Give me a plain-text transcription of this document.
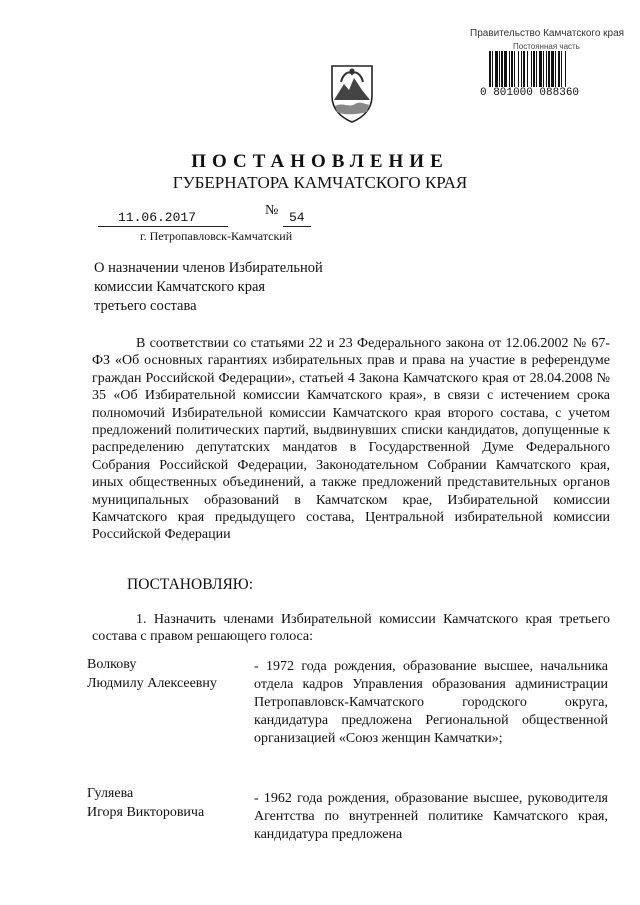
Правительство Камчатского края
Постоянная часть
0 801000 088360
ПОСТАНОВЛЕНИЕ
ГУБЕРНАТОРА КАМЧАТСКОГО КРАЯ
11.06.2017	№ 54
г. Петропавловск-Камчатский
О назначении членов Избирательной
комиссии Камчатского края
третьего состава
В соответствии со статьями 22 и 23 Федерального закона от 12.06.2002 № 67-ФЗ «Об основных гарантиях избирательных прав и права на участие в референдуме граждан Российской Федерации», статьей 4 Закона Камчатского края от 28.04.2008 № 35 «Об Избирательной комиссии Камчатского края», в связи с истечением срока полномочий Избирательной комиссии Камчатского края второго состава, с учетом предложений политических партий, выдвинувших списки кандидатов, допущенные к распределению депутатских мандатов в Государственной Думе Федерального Собрания Российской Федерации, Законодательном Собрании Камчатского края, иных общественных объединений, а также предложений представительных органов муниципальных образований в Камчатском крае, Избирательной комиссии Камчатского края предыдущего состава, Центральной избирательной комиссии Российской Федерации
ПОСТАНОВЛЯЮ:
1. Назначить членами Избирательной комиссии Камчатского края третьего состава с правом решающего голоса:
Волкову
Людмилу Алексеевну
- 1972 года рождения, образование высшее, начальника отдела кадров Управления образования администрации Петропавловск-Камчатского городского округа, кандидатура предложена Региональной общественной организацией «Союз женщин Камчатки»;
Гуляева
Игоря Викторовича
- 1962 года рождения, образование высшее, руководителя Агентства по внутренней политике Камчатского края, кандидатура предложена
